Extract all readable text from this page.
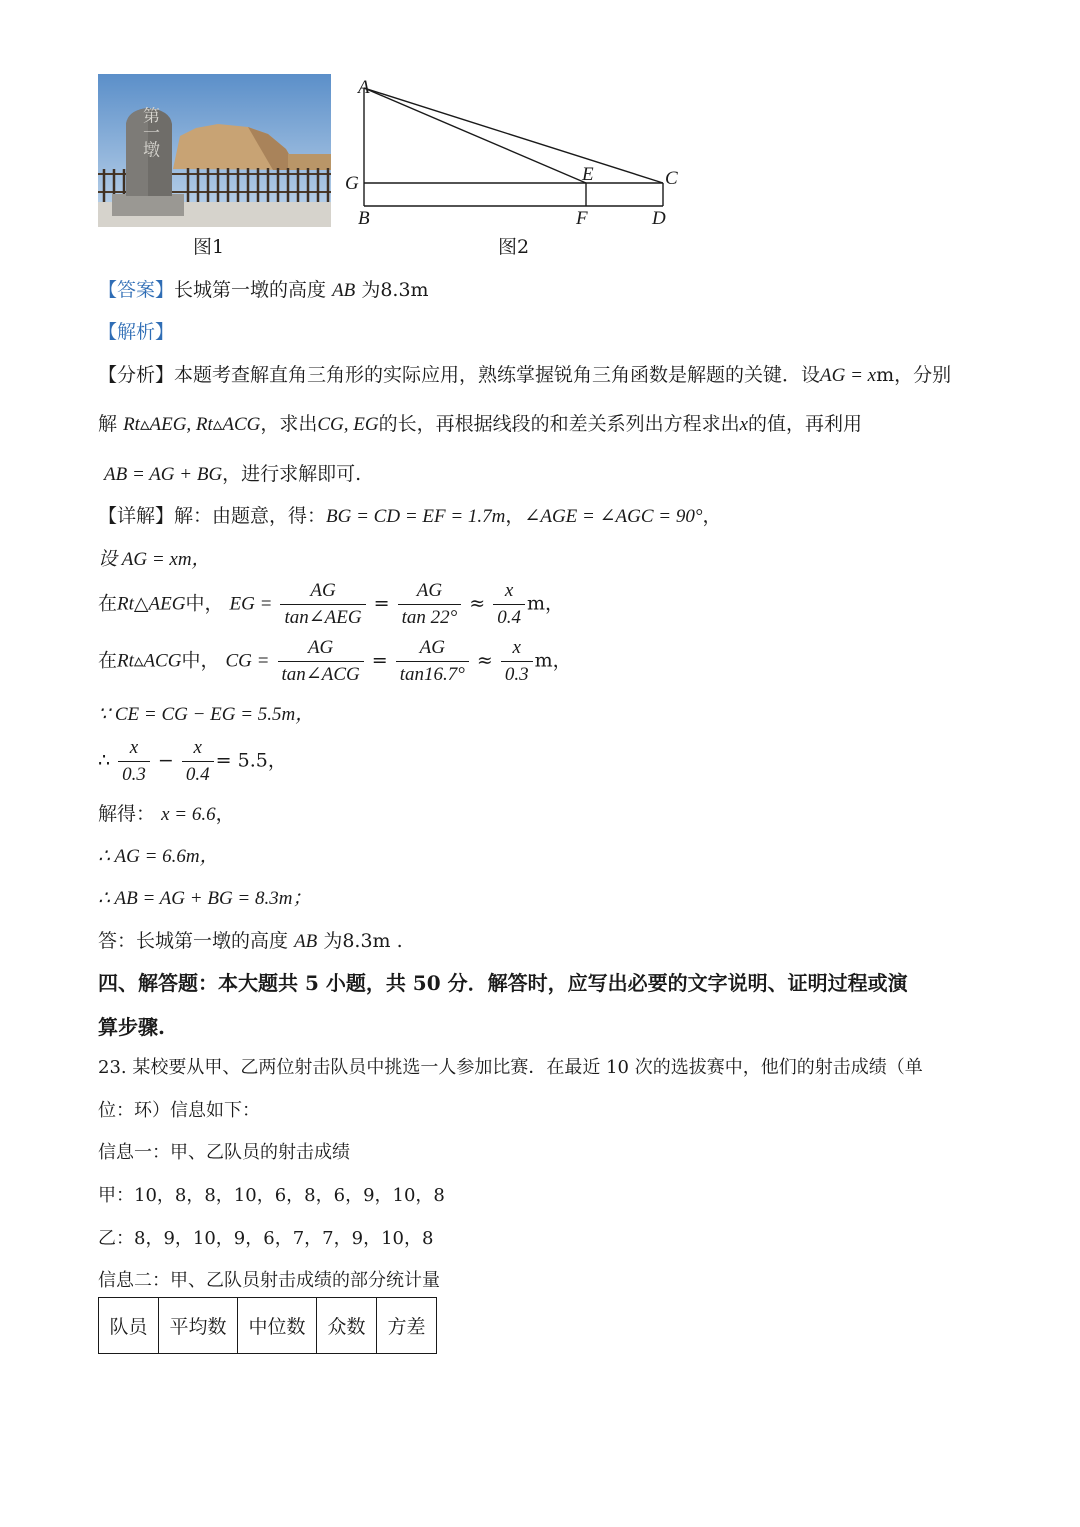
第一墩
图1
A
G
B
E
F
C
D
图2
【答案】长城第一墩的高度 AB 为8.3m
【解析】
【分析】本题考查解直角三角形的实际应用，熟练掌握锐角三角函数是解题的关键．设AG = xm，分别
解 Rt▵AEG, Rt▵ACG，求出CG, EG的长，再根据线段的和差关系列出方程求出x的值，再利用
AB = AG + BG，进行求解即可.
【详解】解：由题意，得：BG = CD = EF = 1.7m，∠AGE = ∠AGC = 90°，
设 AG = xm，
在Rt△AEG中， EG = $\frac{AG}{\text{tan∠AEG}} = \frac{AG}{\tan 22^\circ} \approx \frac{x}{0.4}$ m，
在Rt▵ACG中， CG = $\frac{AG}{\text{tan∠ACG}} = \frac{AG}{\tan 16.7^\circ} \approx \frac{x}{0.3}$ m，
∵ CE = CG − EG = 5.5m，
∴ $\frac{x}{0.3} - \frac{x}{0.4} = 5.5$，
解得： x = 6.6，
∴ AG = 6.6m，
∴ AB = AG + BG = 8.3m；
答：长城第一墩的高度 AB 为8.3m .
四、解答题：本大题共 5 小题，共 50 分．解答时，应写出必要的文字说明、证明过程或演
算步骤.
23. 某校要从甲、乙两位射击队员中挑选一人参加比赛．在最近 10 次的选拔赛中，他们的射击成绩（单
位：环）信息如下：
信息一：甲、乙队员的射击成绩
甲：10，8，8，10，6，8，6，9，10，8
乙：8，9，10，9，6，7，7，9，10，8
信息二：甲、乙队员射击成绩的部分统计量
队员	平均数	中位数	众数	方差
